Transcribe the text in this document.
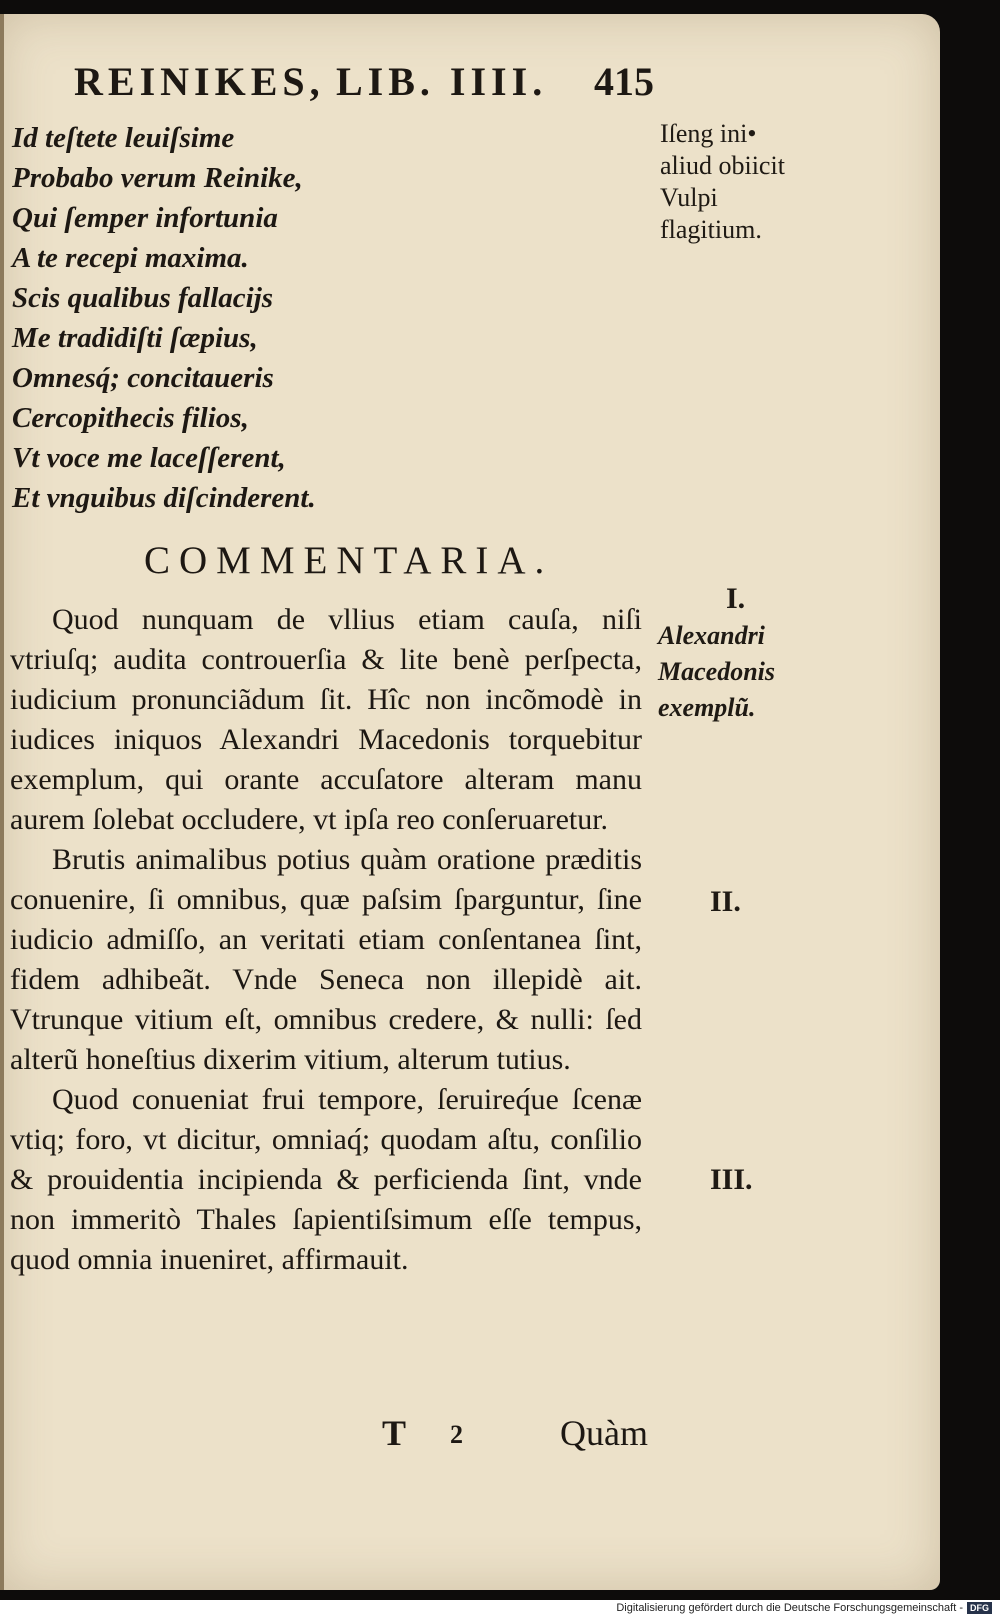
REINIKES, LIB. IIII. 415
Id teſtete leuiſsime
Probabo verum Reinike,
Qui ſemper infortunia
A te recepi maxima.
Scis qualibus fallacijs
Me tradidiſti ſæpius,
Omnesq́; concitaueris
Cercopithecis filios,
Vt voce me laceſſerent,
Et vnguibus diſcinderent.
Iſeng ini• aliud obiicit Vulpi flagitium.
COMMENTARIA.
I.
Alexandri Macedonis exemplũ.

Quod nunquam de vllius etiam cauſa, niſi vtriuſq; audita controuerſia & lite benè perſpecta, iudicium pronunciãdum ſit. Hîc non incõmodè in iudices iniquos Alexandri Macedonis torquebitur exemplum, qui orante accuſatore alteram manu aurem ſolebat occludere, vt ipſa reo conſeruaretur.

Brutis animalibus potius quàm oratione præditis conuenire, ſi omnibus, quæ paſsim ſparguntur, ſine iudicio admiſſo, an veritati etiam conſentanea ſint, fidem adhibeãt. Vnde Seneca non illepidè ait. Vtrunque vitium eſt, omnibus credere, & nulli: ſed alterũ honeſtius dixerim vitium, alterum tutius.

Quod conueniat frui tempore, ſeruireq́ue ſcenæ vtiq; foro, vt dicitur, omniaq́; quodam aſtu, conſilio & prouidentia incipienda & perficienda ſint, vnde non immeritò Thales ſapientiſsimum eſſe tempus, quod omnia inueniret, affirmauit.

II.
III.
T 2	Quàm
Digitalisierung gefördert durch die Deutsche Forschungsgemeinschaft - DFG
